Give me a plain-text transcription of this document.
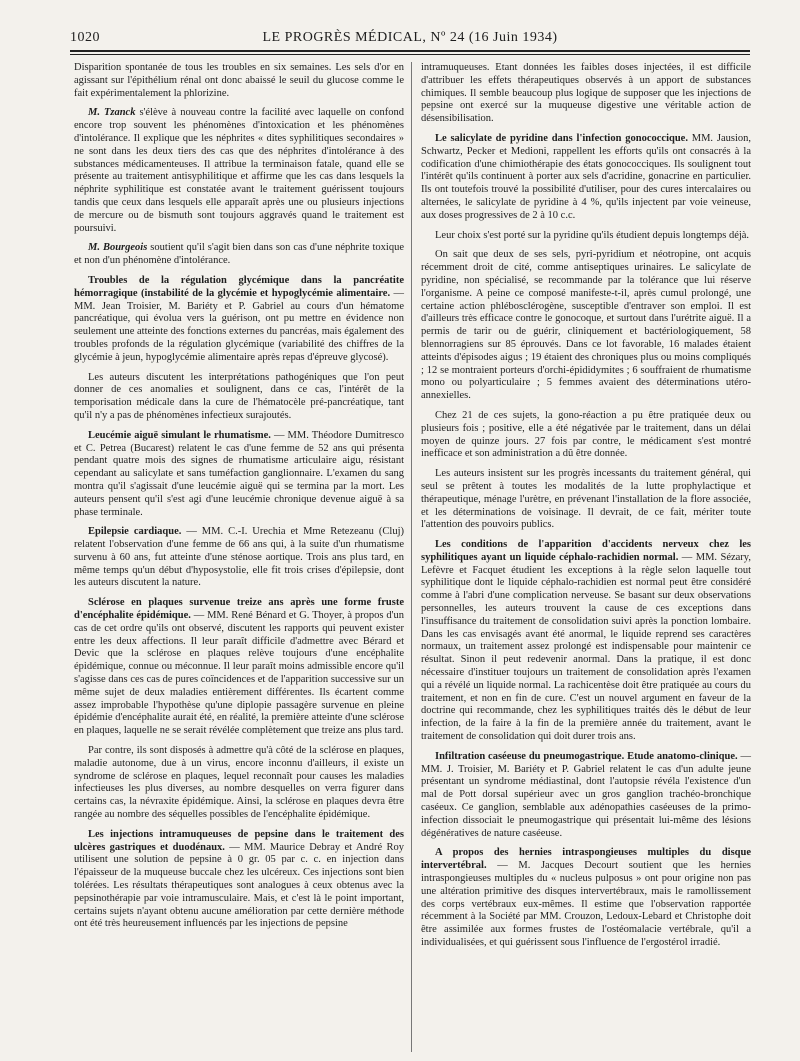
1020	LE PROGRÈS MÉDICAL, Nº 24 (16 Juin 1934)

Disparition spontanée de tous les troubles en six semaines. Les sels d'or en agissant sur l'épithélium rénal ont donc abaissé le seuil du glucose comme le fait expérimentalement la phlorizine.

M. Tzanck s'élève à nouveau contre la facilité avec laquelle on confond encore trop souvent les phénomènes d'intoxication et les phénomènes d'intolérance. Il explique que les néphrites « dites syphilitiques secondaires » ne sont dans les deux tiers des cas que des néphrites d'intolérance à des substances médicamenteuses. Il attribue la terminaison fatale, quand elle se présente au traitement antisyphilitique et affirme que les cas dans lesquels la néphrite syphilitique est constatée avant le traitement guérissent toujours tandis que ceux dans lesquels elle apparaît après une ou plusieurs injections de mercure ou de bismuth sont toujours aggravés quand le traitement est poursuivi.

M. Bourgeois soutient qu'il s'agit bien dans son cas d'une néphrite toxique et non d'un phénomène d'intolérance.

Troubles de la régulation glycémique dans la pancréatite hémorragique (instabilité de la glycémie et hypoglycémie alimentaire. — MM. Jean Troisier, M. Bariéty et P. Gabriel au cours d'un hématome pancréatique, qui évolua vers la guérison, ont pu mettre en évidence non seulement une atteinte des fonctions externes du pancréas, mais également des troubles profonds de la régulation glycémique (variabilité des chiffres de la glycémie à jeun, hypoglycémie alimentaire après repas d'épreuve glycosé).

Les auteurs discutent les interprétations pathogéniques que l'on peut donner de ces anomalies et soulignent, dans ce cas, l'intérêt de la temporisation médicale dans la cure de l'hématocèle pré-pancréatique, tant qu'il n'y a pas de phénomènes infectieux surajoutés.

Leucémie aiguë simulant le rhumatisme. — MM. Théodore Dumitresco et C. Petrea (Bucarest) relatent le cas d'une femme de 52 ans qui présenta pendant quatre mois des signes de rhumatisme articulaire aigu, résistant cependant au salicylate et sans tuméfaction ganglionnaire. L'examen du sang montra qu'il s'agissait d'une leucémie aiguë qui se termina par la mort. Les auteurs pensent qu'il s'est agi d'une leucémie chronique devenue aiguë à sa phase terminale.

Epilepsie cardiaque. — MM. C.-I. Urechia et Mme Retezeanu (Cluj) relatent l'observation d'une femme de 66 ans qui, à la suite d'un rhumatisme survenu à 60 ans, fut atteinte d'une sténose aortique. Trois ans plus tard, en même temps qu'un début d'hyposystolie, elle fit trois crises d'épilepsie, dont les auteurs discutent la nature.

Sclérose en plaques survenue treize ans après une forme fruste d'encéphalite épidémique. — MM. René Bénard et G. Thoyer, à propos d'un cas de cet ordre qu'ils ont observé, discutent les rapports qui peuvent exister entre les deux affections. Il leur paraît difficile d'admettre avec Bérard et Devic que la sclérose en plaques relève toujours d'une encéphalite épidémique, connue ou méconnue. Il leur paraît moins admissible encore qu'il s'agisse dans ces cas de pures coïncidences et de l'apparition successive sur un même sujet de deux maladies entièrement différentes. Ils écartent comme assez improbable l'hypothèse qu'une diplopie passagère survenue en pleine épidémie d'encéphalite aurait été, en réalité, la première atteinte d'une sclérose en plaques, laquelle ne se serait révélée complètement que treize ans plus tard.

Par contre, ils sont disposés à admettre qu'à côté de la sclérose en plaques, maladie autonome, due à un virus, encore inconnu d'ailleurs, il existe un syndrome de sclérose en plaques, lequel reconnaît pour causes les maladies infectieuses les plus diverses, au nombre desquelles on verra figurer dans certains cas, la névraxite épidémique. Ainsi, la sclérose en plaques devra être rangée au nombre des séquelles possibles de l'encéphalite épidémique.

Les injections intramuqueuses de pepsine dans le traitement des ulcères gastriques et duodénaux. — MM. Maurice Debray et André Roy utilisent une solution de pepsine à 0 gr. 05 par c. c. en injection dans l'épaisseur de la muqueuse buccale chez les ulcéreux. Ces injections sont bien tolérées. Les résultats thérapeutiques sont analogues à ceux obtenus avec la pepsinothérapie par voie intramusculaire. Mais, et c'est là le point important, certains sujets n'ayant obtenu aucune amélioration par cette dernière méthode ont été très heureusement influencés par les injections de pepsine

intramuqueuses. Etant données les faibles doses injectées, il est difficile d'attribuer les effets thérapeutiques observés à un apport de substances chimiques. Il semble beaucoup plus logique de supposer que les injections de pepsine ont exercé sur la muqueuse digestive une véritable action de désensibilisation.

Le salicylate de pyridine dans l'infection gonococcique. MM. Jausion, Schwartz, Pecker et Medioni, rappellent les efforts qu'ils ont consacrés à la codification d'une chimiothérapie des états gonococciques. Ils soulignent tout l'intérêt qu'ils continuent à porter aux sels d'acridine, gonacrine en particulier. Ils ont toutefois trouvé la possibilité d'utiliser, pour des cures intercalaires ou alternées, le salicylate de pyridine à 4 %, qu'ils injectent par voie veineuse, aux doses progressives de 2 à 10 c.c.

Leur choix s'est porté sur la pyridine qu'ils étudient depuis longtemps déjà.

On sait que deux de ses sels, pyri-pyridium et néotropine, ont acquis récemment droit de cité, comme antiseptiques urinaires. Le salicylate de pyridine, non spécialisé, se recommande par la tolérance que lui réserve l'organisme. A peine ce composé manifeste-t-il, après cumul prolongé, une certaine action phlébosclérogène, susceptible d'entraver son emploi. Il est d'ailleurs très efficace contre le gonocoque, et surtout dans l'urétrite aiguë. Il a permis de tarir ou de guérir, cliniquement et bactériologiquement, 58 blennorragiens sur 85 éprouvés. Dans ce lot favorable, 16 malades étaient atteints d'épisodes aigus ; 19 étaient des chroniques plus ou moins compliqués ; 12 se montraient porteurs d'orchi-épididymites ; 6 souffraient de rhumatisme mono ou polyarticulaire ; 5 femmes avaient des déterminations utéro-annexielles.

Chez 21 de ces sujets, la gono-réaction a pu être pratiquée deux ou plusieurs fois ; positive, elle a été négativée par le traitement, dans un délai moyen de quinze jours. 27 fois par contre, le médicament s'est montré inefficace et son administration a dû être donnée.

Les auteurs insistent sur les progrès incessants du traitement général, qui seul se prêtent à toutes les modalités de la lutte prophylactique et thérapeutique, ménage l'urètre, en prévenant l'installation de la flore associée, et les déterminations de voisinage. Il devrait, de ce fait, mériter toute l'attention des pouvoirs publics.

Les conditions de l'apparition d'accidents nerveux chez les syphilitiques ayant un liquide céphalo-rachidien normal. — MM. Sézary, Lefèvre et Facquet étudient les exceptions à la règle selon laquelle tout syphilitique dont le liquide céphalo-rachidien est normal peut être considéré comme à l'abri d'une complication nerveuse. Se basant sur deux observations personnelles, les auteurs trouvent la cause de ces exceptions dans l'insuffisance du traitement de consolidation suivi après la ponction lombaire. Dans les cas envisagés avant été anormal, le liquide reprend ses caractères normaux, un traitement assez prolongé est indispensable pour maintenir ce résultat. Sinon il peut redevenir anormal. Dans la pratique, il est donc nécessaire d'instituer toujours un traitement de consolidation après l'examen qui a révélé un liquide normal. La rachicentèse doit être pratiquée au cours du traitement, et non en fin de cure. C'est un nouvel argument en faveur de la doctrine qui recommande, chez les syphilitiques traités dès le début de leur infection, de la faire à la fin de la première année du traitement, avant le traitement de consolidation qui doit durer trois ans.

Infiltration caséeuse du pneumogastrique. Etude anatomo-clinique. — MM. J. Troisier, M. Bariéty et P. Gabriel relatent le cas d'un adulte jeune présentant un syndrome médiastinal, dont l'autopsie révéla l'existence d'un mal de Pott dorsal supérieur avec un gros ganglion trachéo-bronchique caséeux. Ce ganglion, semblable aux adénopathies caséeuses de la primo-infection dissociait le pneumogastrique qui présentait lui-même des lésions dégénératives de nature caséeuse.

A propos des hernies intraspongieuses multiples du disque intervertébral. — M. Jacques Decourt soutient que les hernies intraspongieuses multiples du « nucleus pulposus » ont pour origine non pas une altération primitive des disques intervertébraux, mais le ramollissement des corps vertébraux eux-mêmes. Il estime que l'observation rapportée récemment à la Société par MM. Crouzon, Ledoux-Lebard et Christophe doit être assimilée aux formes frustes de l'ostéomalacie vertébrale, qu'il a individualisées, et qui guérissent sous l'influence de l'ergostérol irradié.
